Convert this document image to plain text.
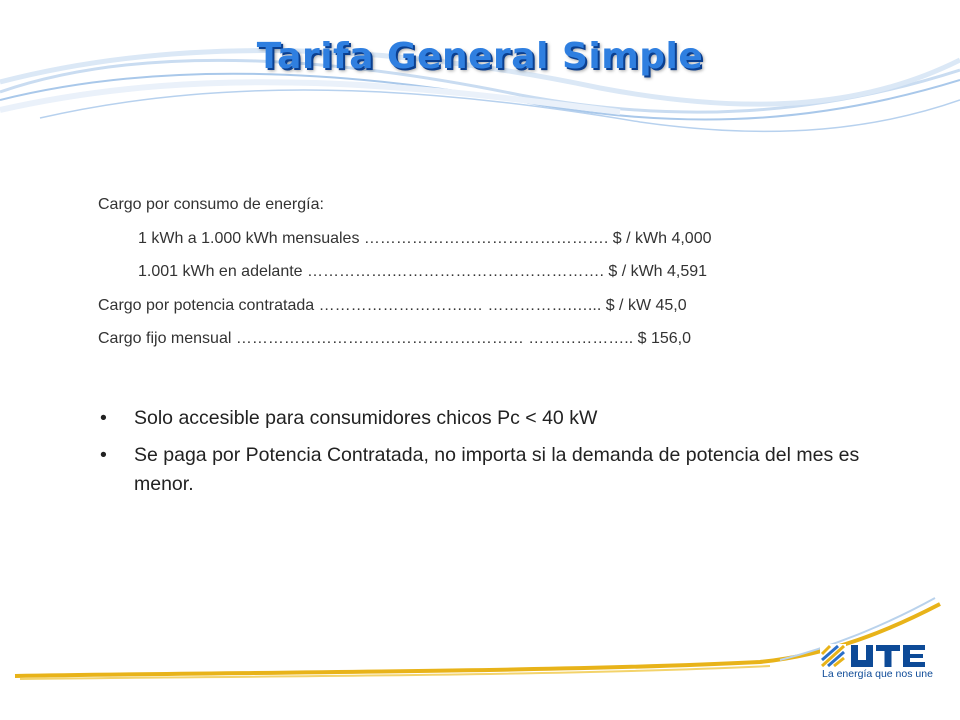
Tarifa General Simple
Cargo por consumo de energía:
1 kWh a 1.000 kWh mensuales ………………………………………. $ / kWh 4,000
1.001 kWh en adelante …………….…………………………………. $ / kWh 4,591
Cargo por potencia contratada ……………………….… …………….…... $ / kW 45,0
Cargo fijo mensual ……………………………………………… ……………….. $ 156,0
• Solo accesible para consumidores chicos Pc < 40 kW
• Se paga por Potencia Contratada, no importa si la demanda de potencia del mes es menor.
La energía que nos une
